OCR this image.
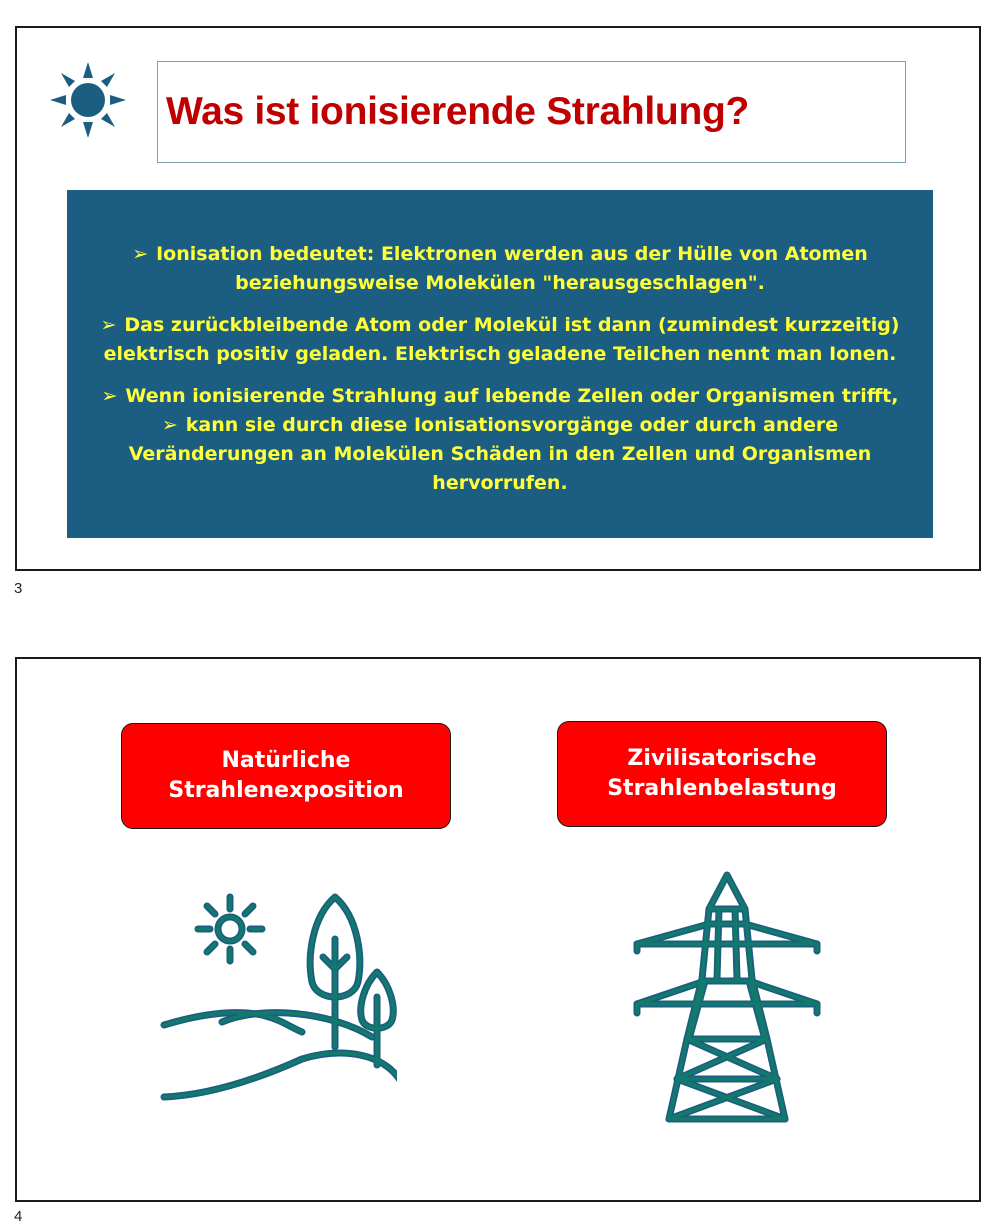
Was ist ionisierende Strahlung?
➢ Ionisation bedeutet: Elektronen werden aus der Hülle von Atomen
beziehungsweise Molekülen "herausgeschlagen".
➢ Das zurückbleibende Atom oder Molekül ist dann (zumindest kurzzeitig)
elektrisch positiv geladen. Elektrisch geladene Teilchen nennt man Ionen.
➢ Wenn ionisierende Strahlung auf lebende Zellen oder Organismen trifft,
➢ kann sie durch diese Ionisationsvorgänge oder durch andere
Veränderungen an Molekülen Schäden in den Zellen und Organismen
hervorrufen.
3
Natürliche
Strahlenexposition
Zivilisatorische
Strahlenbelastung
4
